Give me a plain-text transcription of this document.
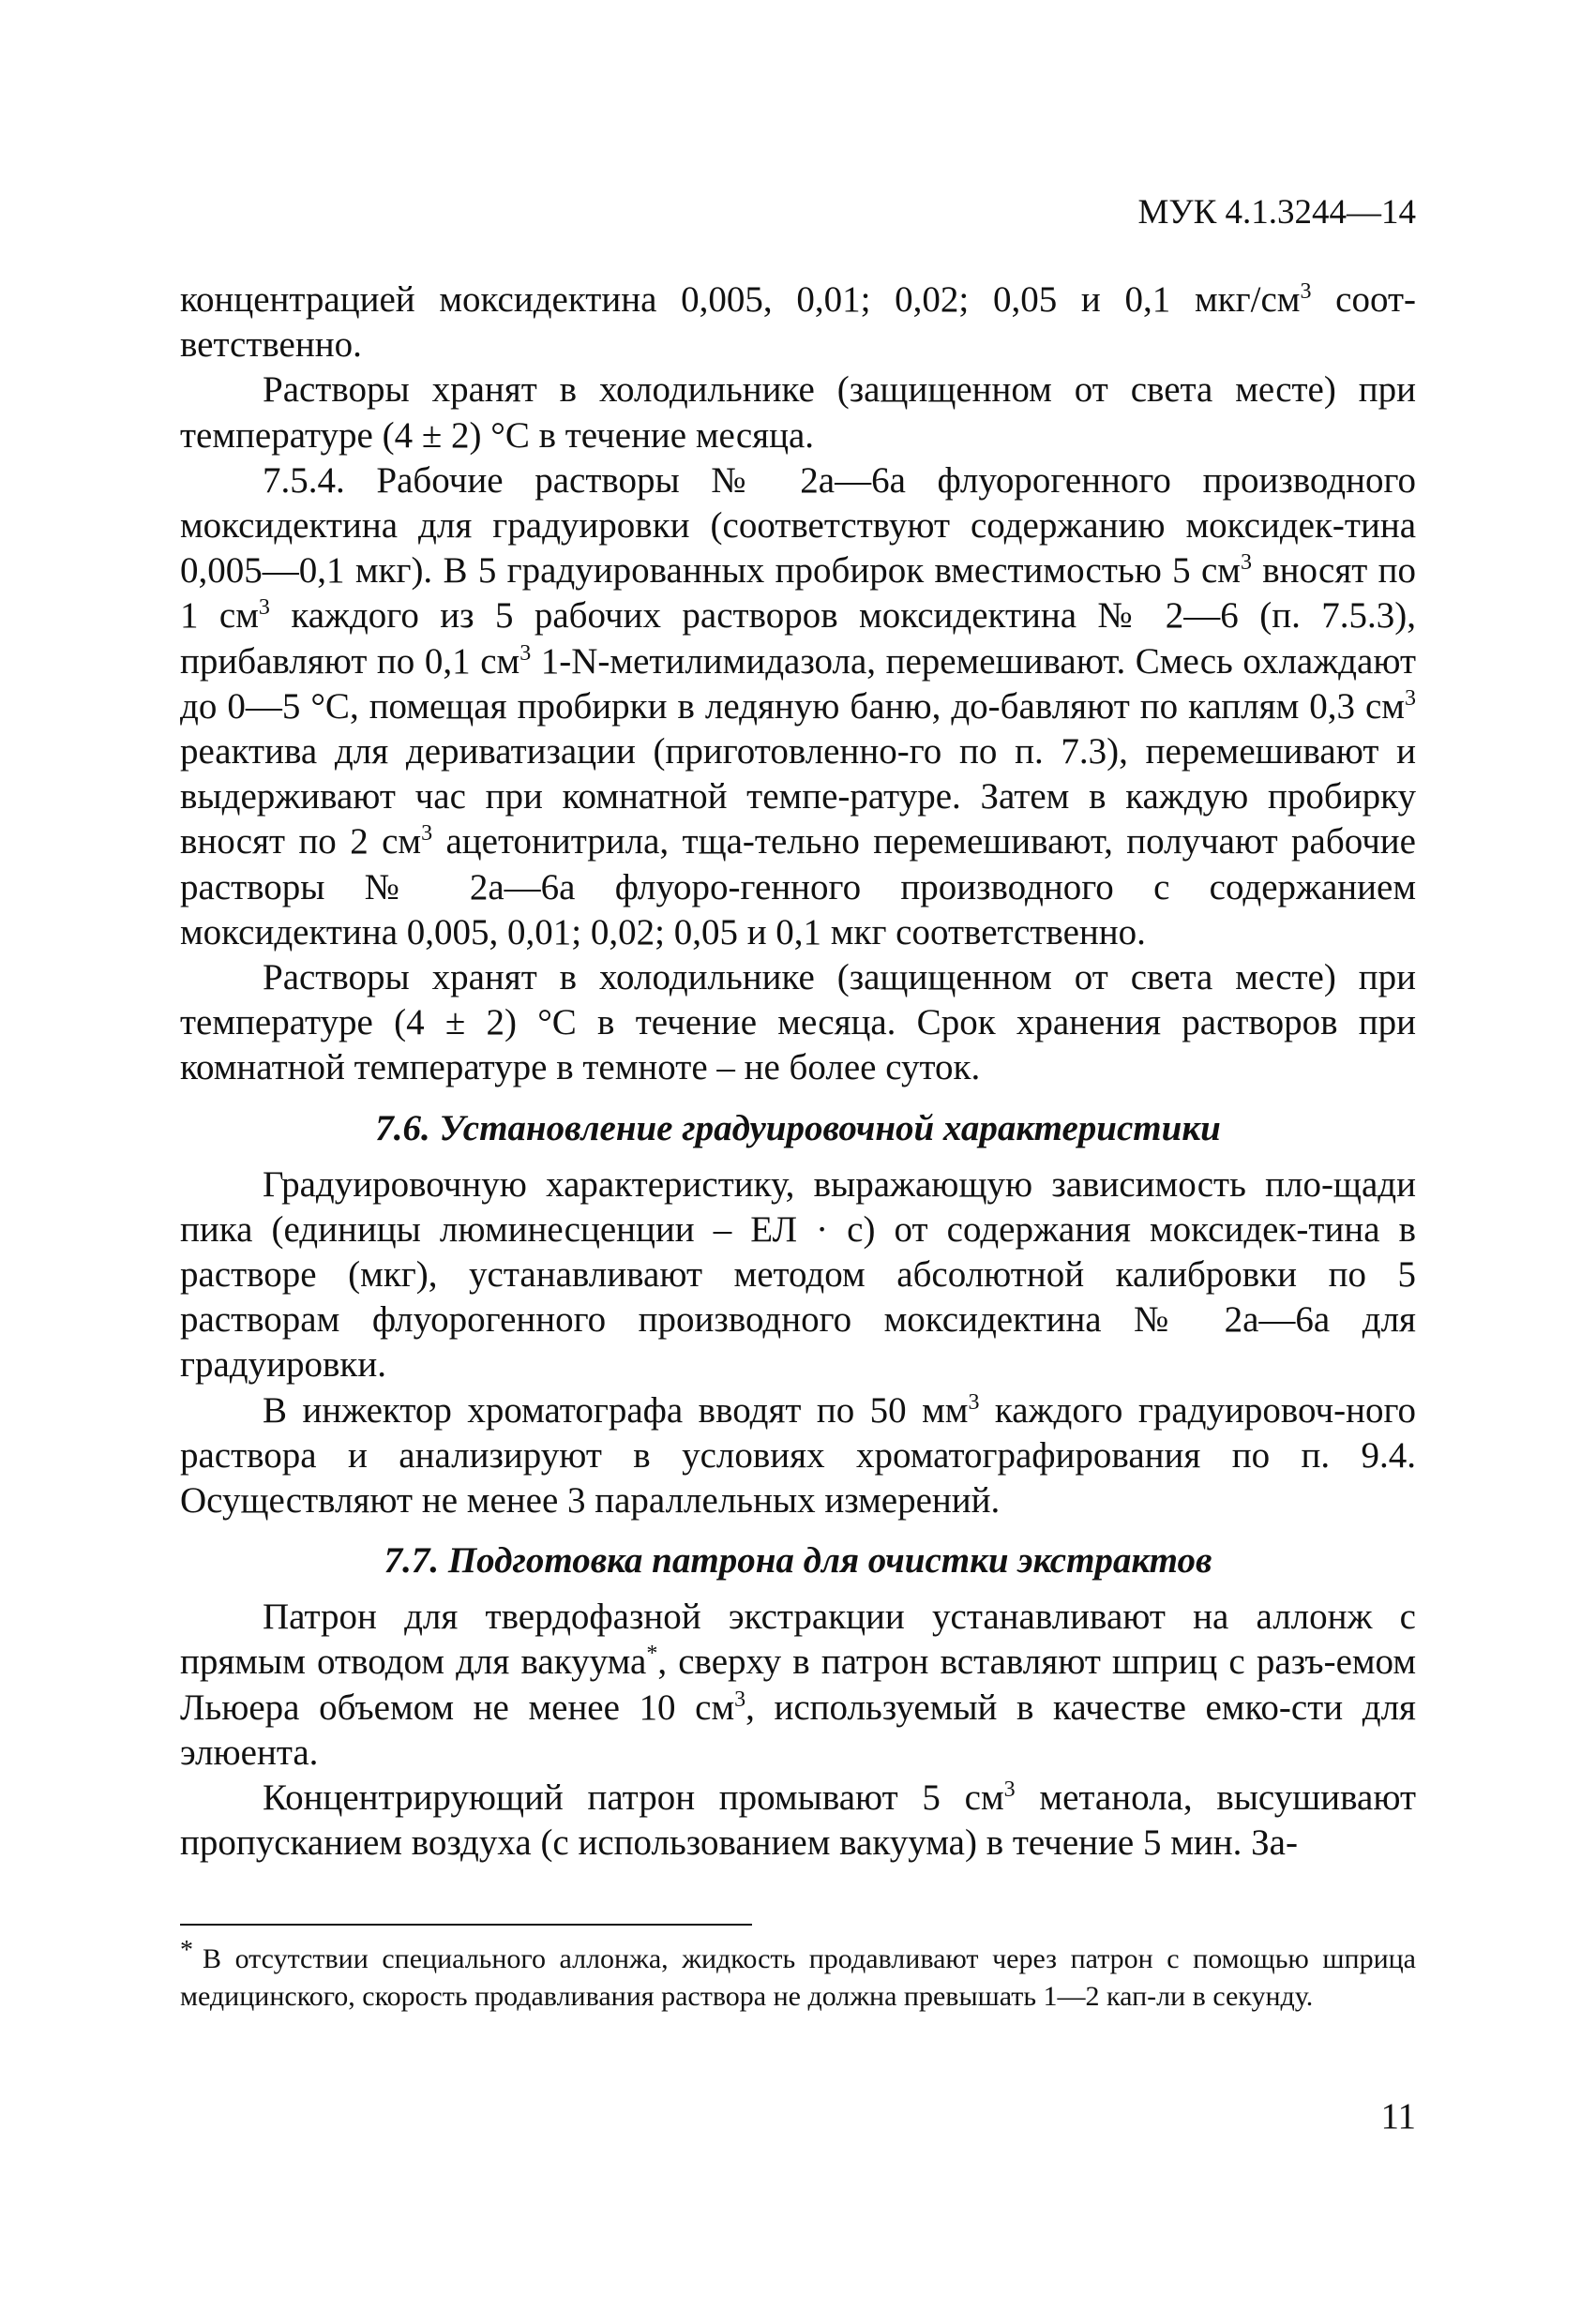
МУК 4.1.3244—14

концентрацией моксидектина 0,005, 0,01; 0,02; 0,05 и 0,1 мкг/$см^3$ соот-ветственно.

Растворы хранят в холодильнике (защищенном от света месте) при температуре (4 ± 2) °С в течение месяца.

7.5.4. Рабочие растворы № 2а—6а флуорогенного производного моксидектина для градуировки (соответствуют содержанию моксидек-тина 0,005—0,1 мкг). В 5 градуированных пробирок вместимостью 5 $см^3$ вносят по 1 $см^3$ каждого из 5 рабочих растворов моксидектина № 2—6 (п. 7.5.3), прибавляют по 0,1 $см^3$ 1-N-метилимидазола, перемешивают. Смесь охлаждают до 0—5 °С, помещая пробирки в ледяную баню, до-бавляют по каплям 0,3 $см^3$ реактива для дериватизации (приготовленно-го по п. 7.3), перемешивают и выдерживают час при комнатной темпе-ратуре. Затем в каждую пробирку вносят по 2 $см^3$ ацетонитрила, тща-тельно перемешивают, получают рабочие растворы № 2а—6а флуоро-генного производного с содержанием моксидектина 0,005, 0,01; 0,02; 0,05 и 0,1 мкг соответственно.

Растворы хранят в холодильнике (защищенном от света месте) при температуре (4 ± 2) °С в течение месяца. Срок хранения растворов при комнатной температуре в темноте – не более суток.

7.6. Установление градуировочной характеристики

Градуировочную характеристику, выражающую зависимость пло-щади пика (единицы люминесценции – ЕЛ · с) от содержания моксидек-тина в растворе (мкг), устанавливают методом абсолютной калибровки по 5 растворам флуорогенного производного моксидектина № 2а—6а для градуировки.

В инжектор хроматографа вводят по 50 $мм^3$ каждого градуировоч-ного раствора и анализируют в условиях хроматографирования по п. 9.4. Осуществляют не менее 3 параллельных измерений.

7.7. Подготовка патрона для очистки экстрактов

Патрон для твердофазной экстракции устанавливают на аллонж с прямым отводом для вакуума*, сверху в патрон вставляют шприц с разъ-емом Льюера объемом не менее 10 $см^3$, используемый в качестве емко-сти для элюента.

Концентрирующий патрон промывают 5 $см^3$ метанола, высушивают пропусканием воздуха (с использованием вакуума) в течение 5 мин. За-

* В отсутствии специального аллонжа, жидкость продавливают через патрон с помощью шприца медицинского, скорость продавливания раствора не должна превышать 1—2 кап-ли в секунду.
11
